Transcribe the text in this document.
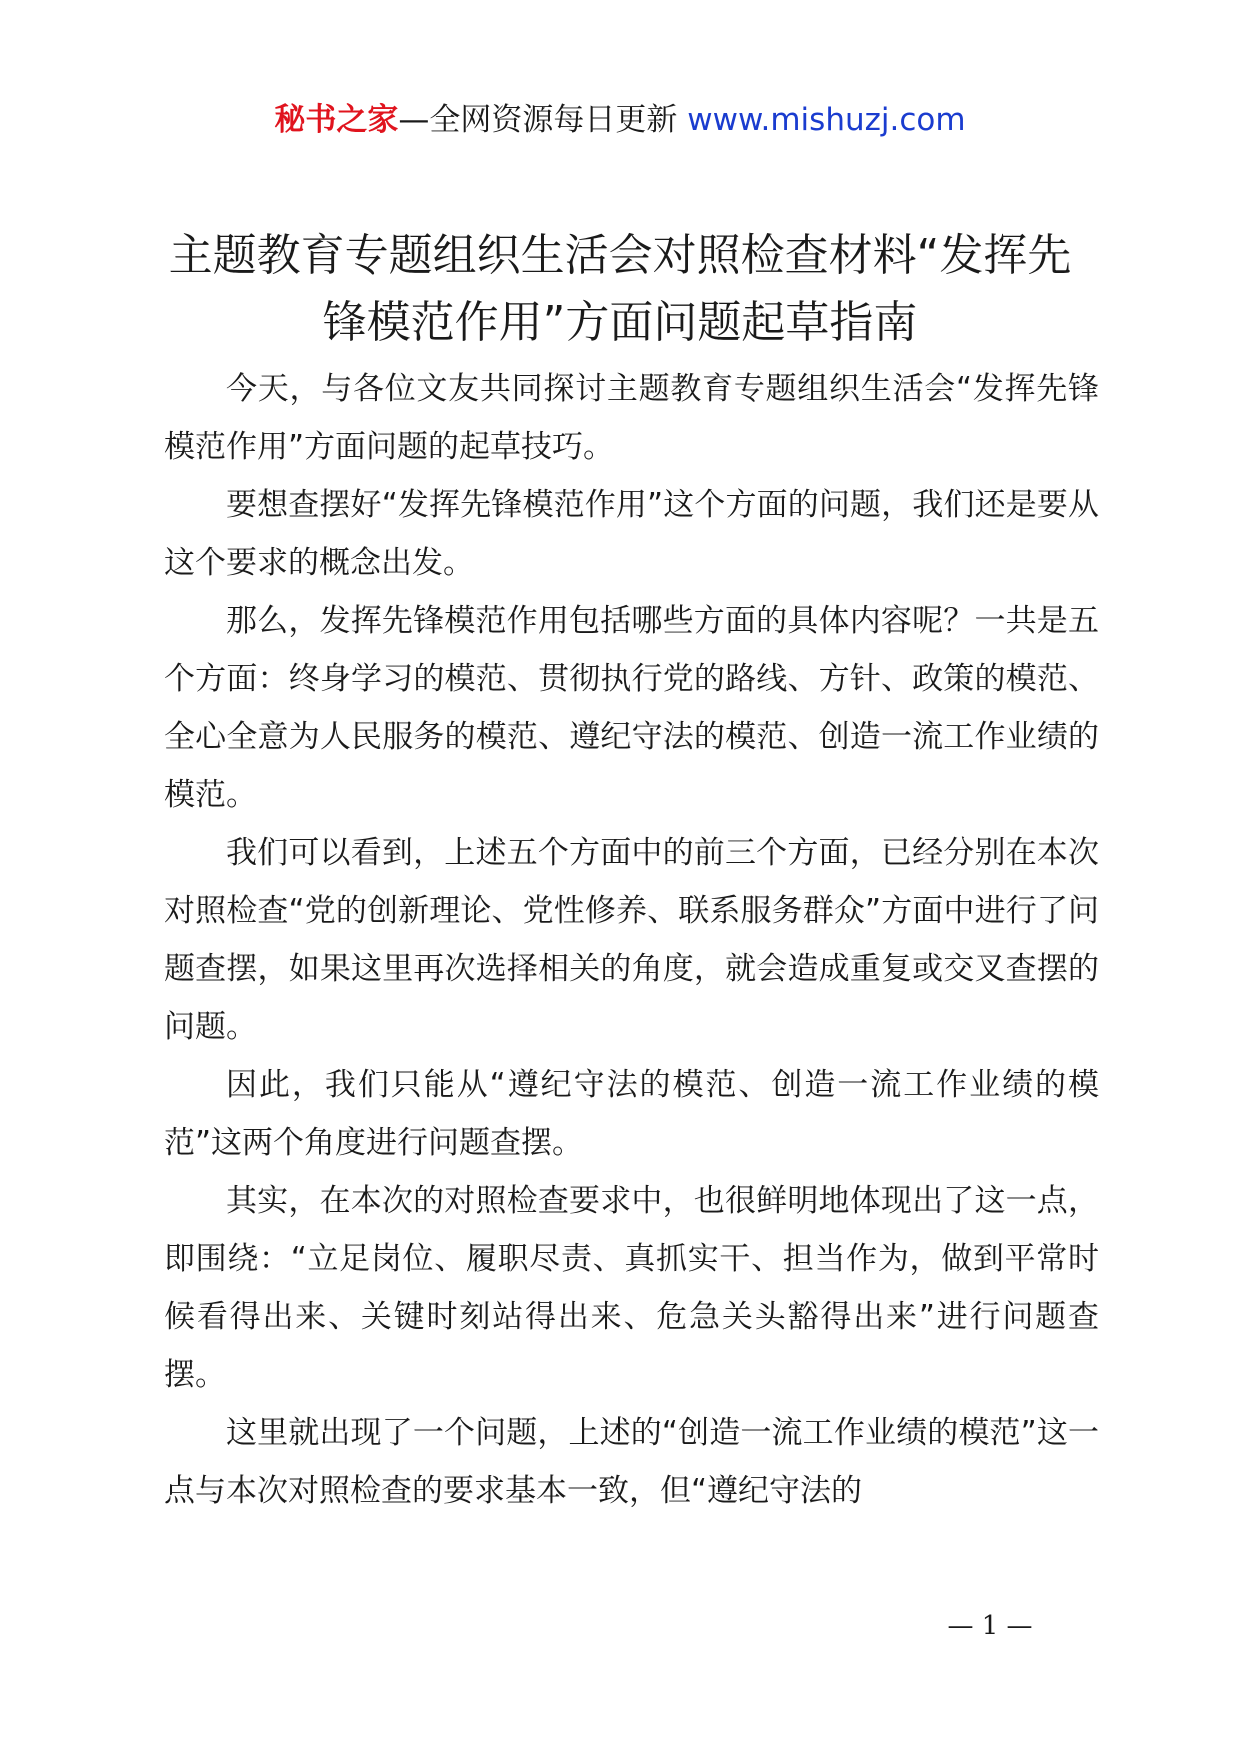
秘书之家—全网资源每日更新 www.mishuzj.com
主题教育专题组织生活会对照检查材料“发挥先锋模范作用”方面问题起草指南

今天，与各位文友共同探讨主题教育专题组织生活会“发挥先锋模范作用”方面问题的起草技巧。

要想查摆好“发挥先锋模范作用”这个方面的问题，我们还是要从这个要求的概念出发。

那么，发挥先锋模范作用包括哪些方面的具体内容呢？一共是五个方面：终身学习的模范、贯彻执行党的路线、方针、政策的模范、全心全意为人民服务的模范、遵纪守法的模范、创造一流工作业绩的模范。

我们可以看到，上述五个方面中的前三个方面，已经分别在本次对照检查“党的创新理论、党性修养、联系服务群众”方面中进行了问题查摆，如果这里再次选择相关的角度，就会造成重复或交叉查摆的问题。

因此，我们只能从“遵纪守法的模范、创造一流工作业绩的模范”这两个角度进行问题查摆。

其实，在本次的对照检查要求中，也很鲜明地体现出了这一点，即围绕：“立足岗位、履职尽责、真抓实干、担当作为，做到平常时候看得出来、关键时刻站得出来、危急关头豁得出来”进行问题查摆。

这里就出现了一个问题，上述的“创造一流工作业绩的模范”这一点与本次对照检查的要求基本一致，但“遵纪守法的

— 1 —
